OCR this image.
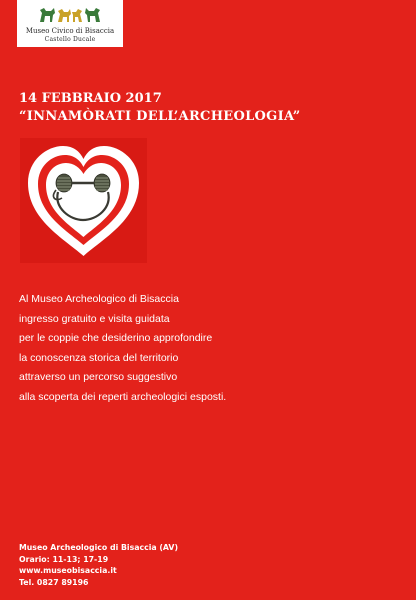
Museo Civico di Bisaccia
Castello Ducale
14 FEBBRAIO 2017
“INNAMÒRATI DELL’ARCHEOLOGIA”
Al Museo Archeologico di Bisaccia
ingresso gratuito e visita guidata
per le coppie che desiderino approfondire
la conoscenza storica del territorio
attraverso un percorso suggestivo
alla scoperta dei reperti archeologici esposti.
Museo Archeologico di Bisaccia (AV)
Orario: 11-13; 17-19
www.museobisaccia.it
Tel. 0827 89196
